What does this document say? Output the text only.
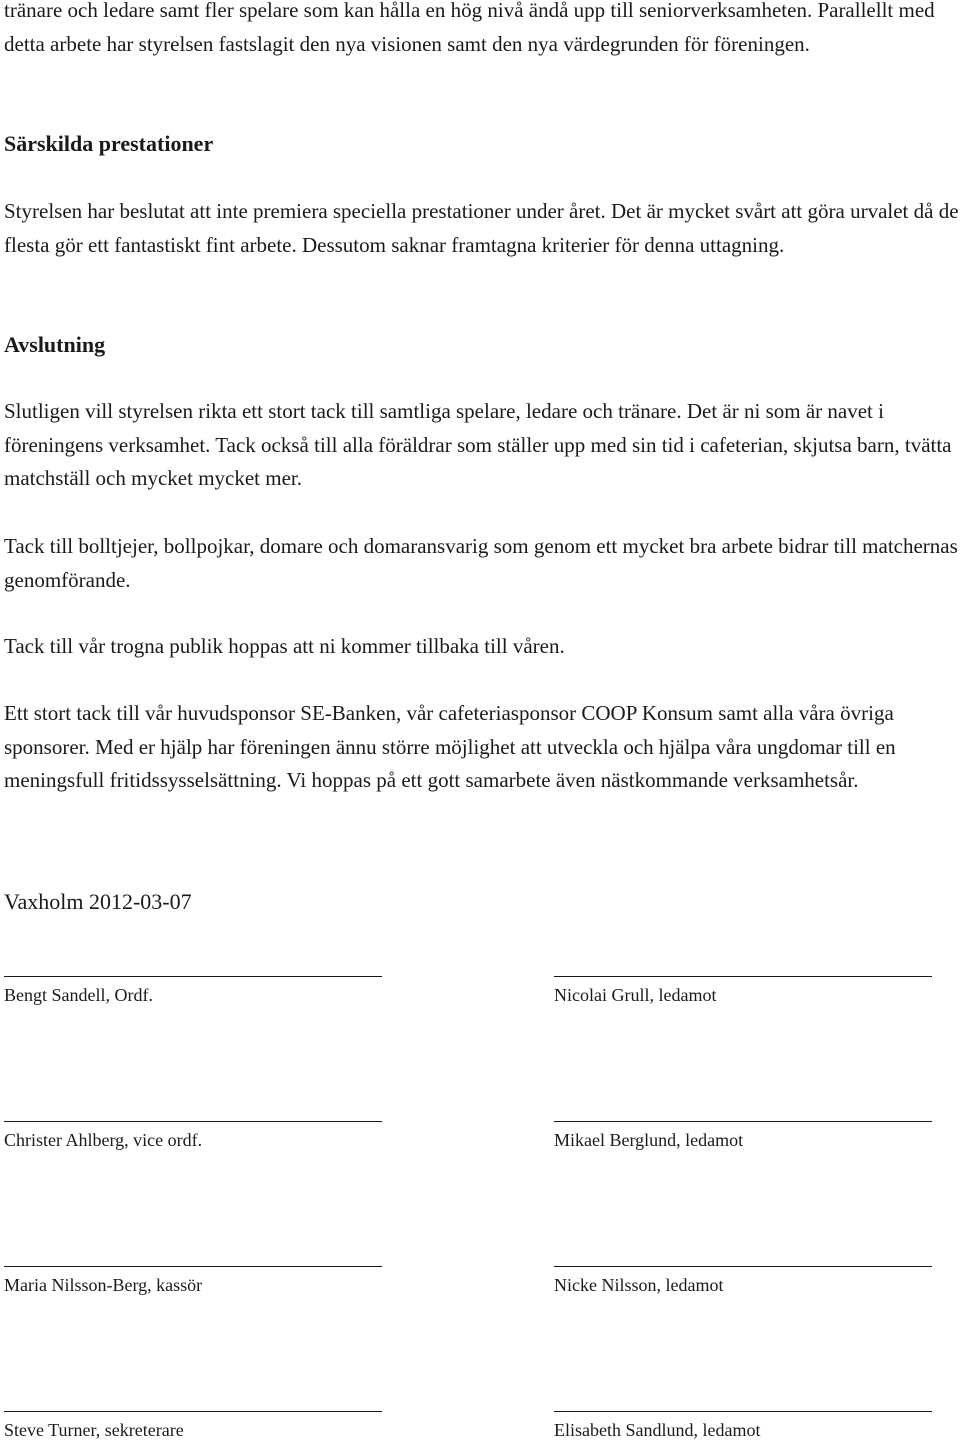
tränare och ledare samt fler spelare som kan hålla en hög nivå ändå upp till seniorverksamheten. Parallellt med detta arbete har styrelsen fastslagit den nya visionen samt den nya värdegrunden för föreningen.

Särskilda prestationer

Styrelsen har beslutat att inte premiera speciella prestationer under året. Det är mycket svårt att göra urvalet då de flesta gör ett fantastiskt fint arbete. Dessutom saknar framtagna kriterier för denna uttagning.

Avslutning

Slutligen vill styrelsen rikta ett stort tack till samtliga spelare, ledare och tränare. Det är ni som är navet i föreningens verksamhet. Tack också till alla föräldrar som ställer upp med sin tid i cafeterian, skjutsa barn, tvätta matchställ och mycket mycket mer.

Tack till bolltjejer, bollpojkar, domare och domaransvarig som genom ett mycket bra arbete bidrar till matchernas genomförande.

Tack till vår trogna publik hoppas att ni kommer tillbaka till våren.

Ett stort tack till vår huvudsponsor SE-Banken, vår cafeteriasponsor COOP Konsum samt alla våra övriga sponsorer. Med er hjälp har föreningen ännu större möjlighet att utveckla och hjälpa våra ungdomar till en meningsfull fritidssysselsättning. Vi hoppas på ett gott samarbete även nästkommande verksamhetsår.

Vaxholm 2012-03-07

Bengt Sandell, Ordf.	Nicolai Grull, ledamot
Christer Ahlberg, vice ordf.	Mikael Berglund, ledamot
Maria Nilsson-Berg, kassör	Nicke Nilsson, ledamot
Steve Turner, sekreterare	Elisabeth Sandlund, ledamot
